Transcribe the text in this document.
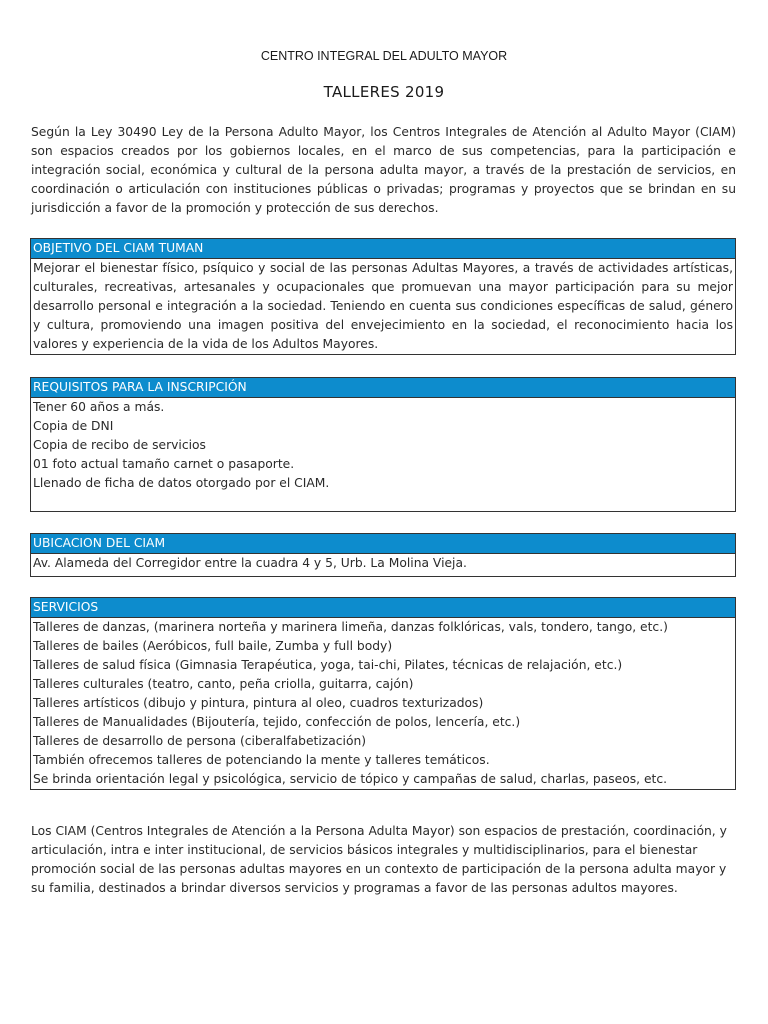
CENTRO INTEGRAL DEL ADULTO MAYOR
TALLERES 2019

Según la Ley 30490 Ley de la Persona Adulto Mayor, los Centros Integrales de Atención al Adulto Mayor (CIAM) son espacios creados por los gobiernos locales, en el marco de sus competencias, para la participación e integración social, económica y cultural de la persona adulta mayor, a través de la prestación de servicios, en coordinación o articulación con instituciones públicas o privadas; programas y proyectos que se brindan en su jurisdicción a favor de la promoción y protección de sus derechos.

OBJETIVO DEL CIAM TUMAN
Mejorar el bienestar físico, psíquico y social de las personas Adultas Mayores, a través de actividades artísticas, culturales, recreativas, artesanales y ocupacionales que promuevan una mayor participación para su mejor desarrollo personal e integración a la sociedad. Teniendo en cuenta sus condiciones específicas de salud, género y cultura, promoviendo una imagen positiva del envejecimiento en la sociedad, el reconocimiento hacia los valores y experiencia de la vida de los Adultos Mayores.
REQUISITOS PARA LA INSCRIPCIÓN
Tener 60 años a más.
Copia de DNI
Copia de recibo de servicios
01 foto actual tamaño carnet o pasaporte.
Llenado de ficha de datos otorgado por el CIAM.
UBICACION DEL CIAM
Av. Alameda del Corregidor entre la cuadra 4 y 5, Urb. La Molina Vieja.
SERVICIOS
Talleres de danzas, (marinera norteña y marinera limeña, danzas folklóricas, vals, tondero, tango, etc.)
Talleres de bailes (Aeróbicos, full baile, Zumba y full body)
Talleres de salud física (Gimnasia Terapéutica, yoga, tai-chi, Pilates, técnicas de relajación, etc.)
Talleres culturales (teatro, canto, peña criolla, guitarra, cajón)
Talleres artísticos (dibujo y pintura, pintura al oleo, cuadros texturizados)
Talleres de Manualidades (Bijoutería, tejido, confección de polos, lencería, etc.)
Talleres de desarrollo de persona (ciberalfabetización)
También ofrecemos talleres de potenciando la mente y talleres temáticos.
Se brinda orientación legal y psicológica, servicio de tópico y campañas de salud, charlas, paseos, etc.

Los CIAM (Centros Integrales de Atención a la Persona Adulta Mayor) son espacios de prestación, coordinación, y articulación, intra e inter institucional, de servicios básicos integrales y multidisciplinarios, para el bienestar promoción social de las personas adultas mayores en un contexto de participación de la persona adulta mayor y su familia, destinados a brindar diversos servicios y programas a favor de las personas adultos mayores.
